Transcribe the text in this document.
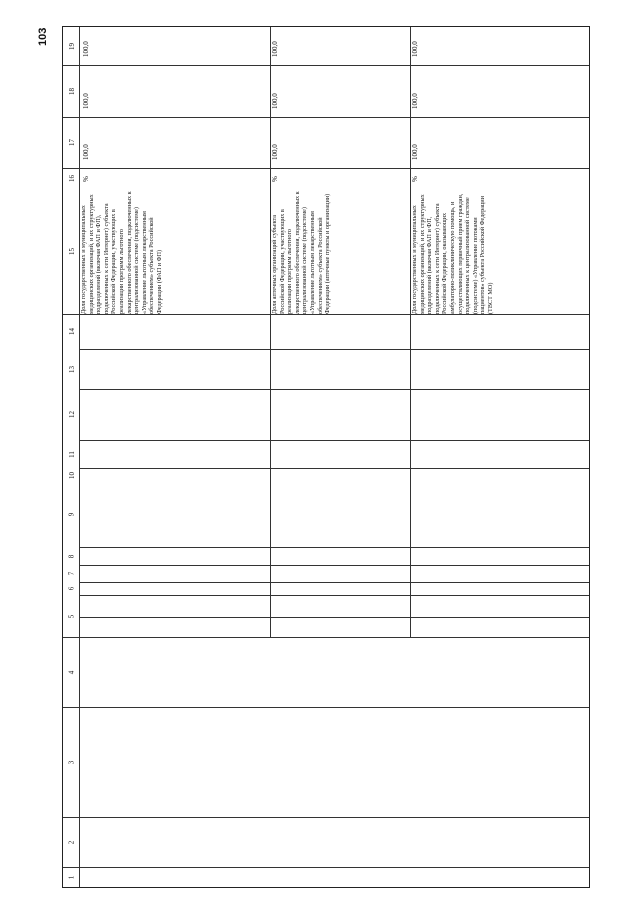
103	19
18
17
16
15
14
13
12
11
10
9
8
7
6
5
4
3
2
1
100,0
100,0
100,0
%
Доля государственных и муниципальных медицинских организаций, и их структурных подразделений (включая ФАП и ФП), подключенных к сети Интернет) субъекта Российской Федерации, участвующих в реализации программ льготного лекарственного обеспечения, подключенных к централизованной системе (подсистеме) «Управление льготным лекарственным обеспечением» субъекта Российской Федерации (ФАП и ФП)
100,0
100,0
100,0
%
Доля аптечных организаций субъекта Российской Федерации, участвующих в реализации программ льготного лекарственного обеспечения, подключенных к централизованной системе (подсистеме) «Управление льготным лекарственным обеспечением» субъекта Российской Федерации (аптечные пункты и организации)
100,0
100,0
100,0
%
Доля государственных и муниципальных медицинских организаций, и их структурных подразделений (включая ФАП и ФП, подключенных к сети Интернет) субъекта Российской Федерации, оказывающих амбулаторно-поликлиническую помощь, и осуществляющих первичный прием граждан, подключенных к централизованной системе (подсистеме) «Управление потоками пациентов» субъекта Российской Федерации (ТВСТ МО)
